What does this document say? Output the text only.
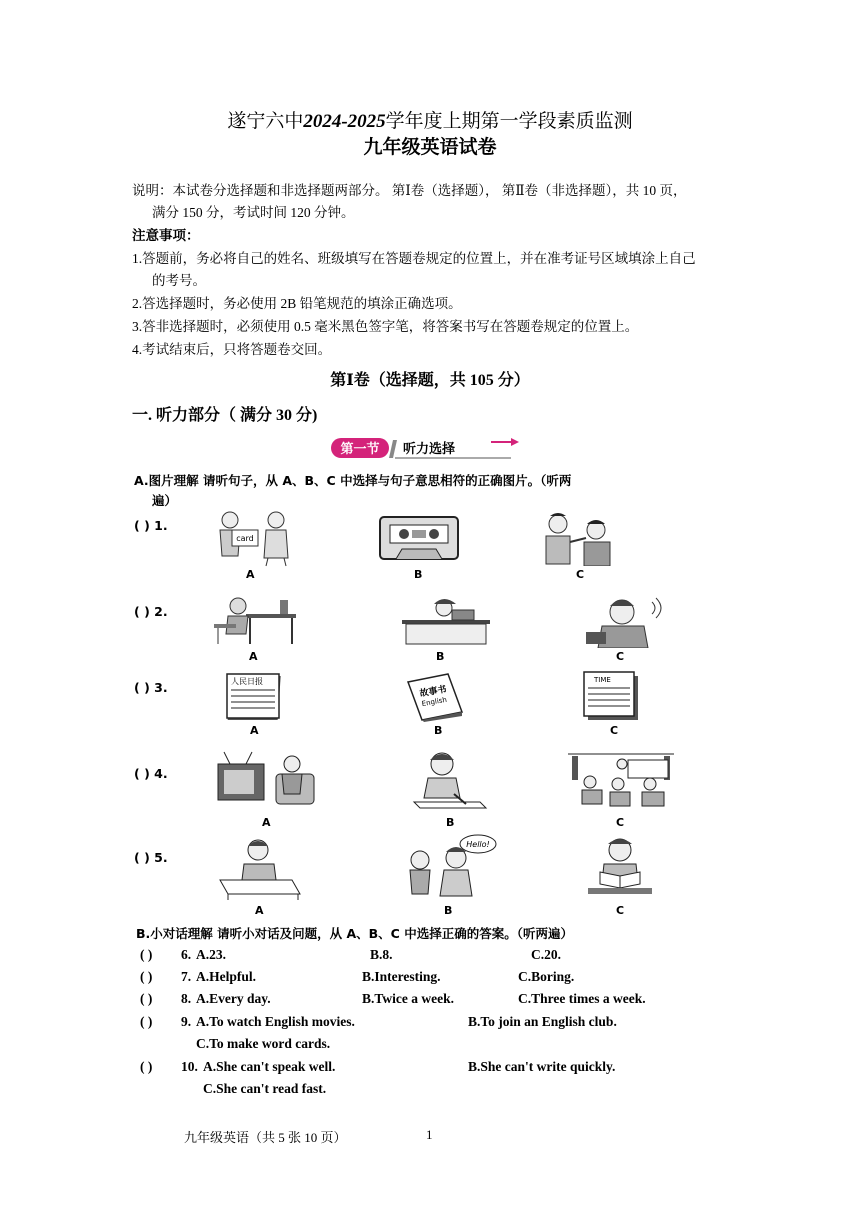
遂宁六中2024-2025学年度上期第一学段素质监测
九年级英语试卷
说明：本试卷分选择题和非选择题两部分。 第Ⅰ卷（选择题）， 第Ⅱ卷（非选择题），共 10 页，
满分 150 分，考试时间 120 分钟。
注意事项：
1.答题前，务必将自己的姓名、班级填写在答题卷规定的位置上，并在准考证号区域填涂上自己
的考号。
2.答选择题时，务必使用 2B 铅笔规范的填涂正确选项。
3.答非选择题时，必须使用 0.5 毫米黑色签字笔，将答案书写在答题卷规定的位置上。
4.考试结束后，只将答题卷交回。
第Ⅰ卷（选择题，共 105 分）
一. 听力部分（ 满分 30 分)
第一节 听力选择
A.图片理解 请听句子，从 A、B、C 中选择与句子意思相符的正确图片。（听两
遍）
( ) 1.
card
A	B	C
( ) 2.
A	B	C
( ) 3.	人民日报
A
故事书
English
B
TIME
C
( ) 4.
A	B	C
( ) 5.
A
Hello!
B	C
B.小对话理解 请听小对话及问题，从 A、B、C 中选择正确的答案。（听两遍）
( ) 6. A.23.	B.8.	C.20.
( ) 7. A.Helpful.	B.Interesting.	C.Boring.
( ) 8. A.Every day.	B.Twice a week.	C.Three times a week.
( ) 9. A.To watch English movies.	B.To join an English club.
C.To make word cards.
( ) 10. A.She can't speak well.	B.She can't write quickly.
C.She can't read fast.
九年级英语（共 5 张 10 页）	1
